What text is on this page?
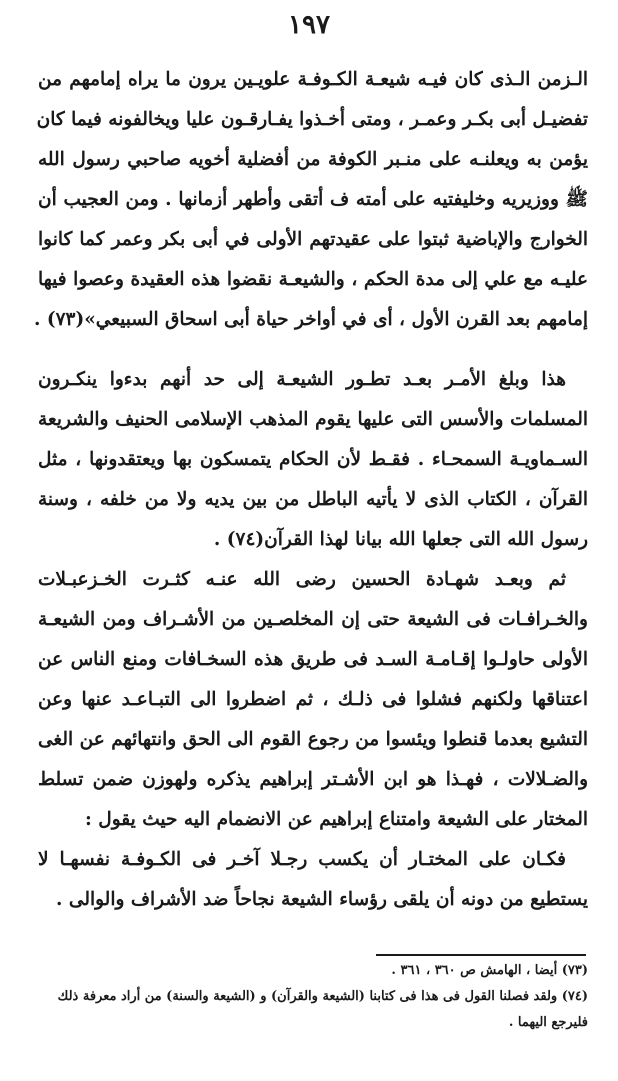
١٩٧
الـزمن الـذى كان فيـه شيعـة الكـوفـة علويـين يرون ما يراه إمامهم من
تفضيـل أبى بكـر وعمـر ، ومتى أخـذوا يفـارقـون عليا ويخالفونه فيما كان
يؤمن به ويعلنـه على منـبر الكوفة من أفضلية أخويه صاحبي رسول الله
ﷺ ووزيريه وخليفتيه على أمته ف أتقى وأطهر أزمانها . ومن العجيب أن
الخوارج والإباضية ثبتوا على عقيدتهم الأولى في أبى بكر وعمر كما كانوا
عليـه مع علي إلى مدة الحكم ، والشيعـة نقضوا هذه العقيدة وعصوا فيها
إمامهم بعد القرن الأول ، أى في أواخر حياة أبى اسحاق السبيعي»(٧٣) .
هذا وبلغ الأمـر بعـد تطـور الشيعـة إلى حد أنهم بدءوا ينكـرون
المسلمات والأسس التى عليها يقوم المذهب الإسلامى الحنيف والشريعة
السـماويـة السمحـاء . فقـط لأن الحكام يتمسكون بها ويعتقدونها ، مثل
القرآن ، الكتاب الذى لا يأتيه الباطل من بين يديه ولا من خلفه ، وسنة
رسول الله التى جعلها الله بيانا لهذا القرآن(٧٤) .
ثم وبعـد شهـادة الحسين رضى الله عنـه كثـرت الخـزعبـلات
والخـرافـات فى الشيعة حتى إن المخلصـين من الأشـراف ومن الشيعـة
الأولى حاولـوا إقـامـة السـد فى طريق هذه السخـافات ومنع الناس عن
اعتناقها ولكنهم فشلوا فى ذلـك ، ثم اضطروا الى التبـاعـد عنها وعن
التشيع بعدما قنطوا ويئسوا من رجوع القوم الى الحق وانتهائهم عن الغى
والضـلالات ، فهـذا هو ابن الأشـتر إبراهيم يذكره ولهوزن ضمن تسلط
المختار على الشيعة وامتناع إبراهيم عن الانضمام اليه حيث يقول :
فكـان على المختـار أن يكسب رجـلا آخـر فى الكـوفـة نفسهـا لا
يستطيع من دونه أن يلقى رؤساء الشيعة نجاحاً ضد الأشراف والوالى .
(٧٣) أيضا ، الهامش ص ٣٦٠ ، ٣٦١ .
(٧٤) ولقد فصلنا القول فى هذا فى كتابنا (الشيعة والقرآن) و (الشيعة والسنة) من أراد معرفة ذلك
فليرجع اليهما .
